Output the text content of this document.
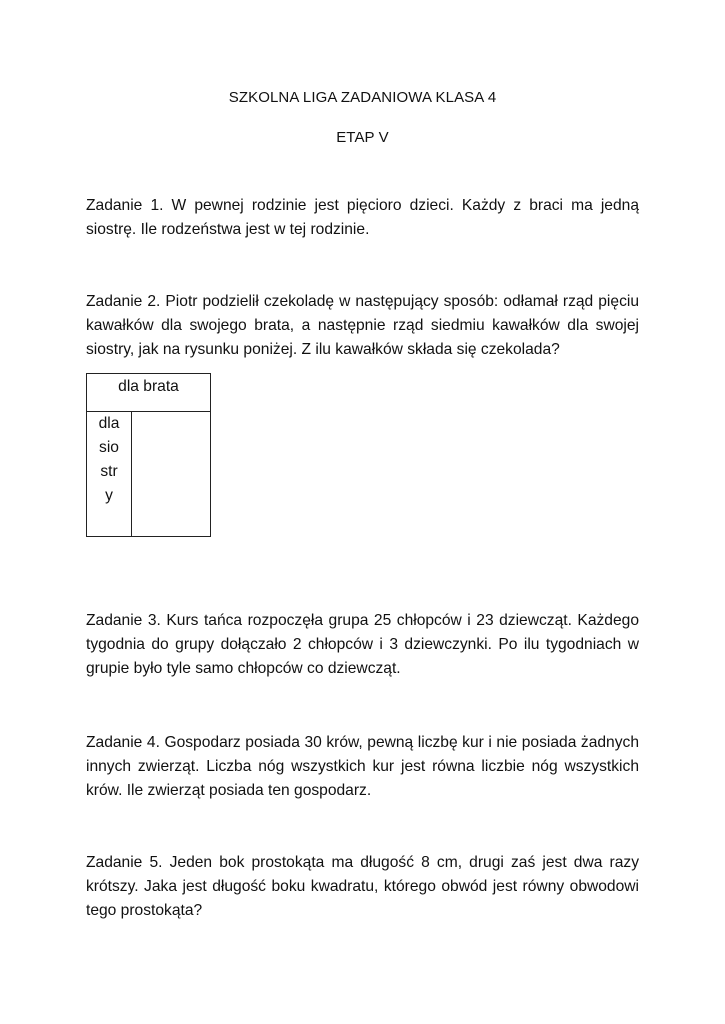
SZKOLNA LIGA ZADANIOWA KLASA 4
ETAP V

Zadanie 1. W pewnej rodzinie jest pięcioro dzieci. Każdy z braci ma jedną siostrę. Ile rodzeństwa jest w tej rodzinie.

Zadanie 2. Piotr podzielił czekoladę w następujący sposób: odłamał rząd pięciu kawałków dla swojego brata, a następnie rząd siedmiu kawałków dla swojej siostry, jak na rysunku poniżej. Z ilu kawałków składa się czekolada?

dla brata
dla
sio
str
y

Zadanie 3. Kurs tańca rozpoczęła grupa 25 chłopców i 23 dziewcząt. Każdego tygodnia do grupy dołączało 2 chłopców i 3 dziewczynki. Po ilu tygodniach w grupie było tyle samo chłopców co dziewcząt.

Zadanie 4. Gospodarz posiada 30 krów, pewną liczbę kur i nie posiada żadnych innych zwierząt. Liczba nóg wszystkich kur jest równa liczbie nóg wszystkich krów. Ile zwierząt posiada ten gospodarz.

Zadanie 5. Jeden bok prostokąta ma długość 8 cm, drugi zaś jest dwa razy krótszy. Jaka jest długość boku kwadratu, którego obwód jest równy obwodowi tego prostokąta?
